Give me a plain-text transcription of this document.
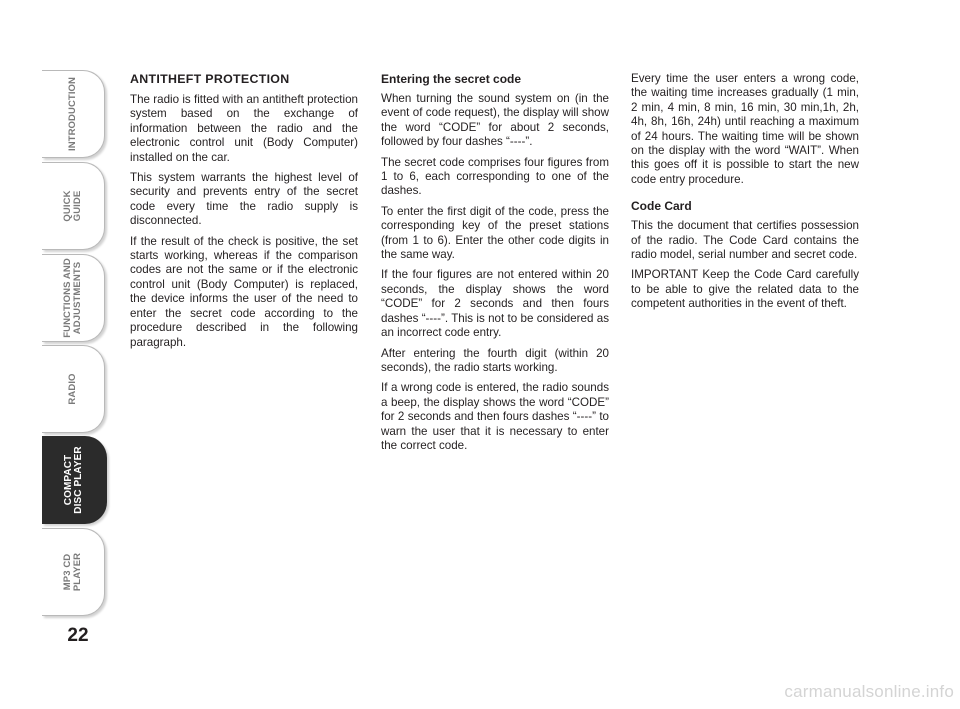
INTRODUCTION
QUICK
GUIDE
FUNCTIONS AND
ADJUSTMENTS
RADIO
COMPACT
DISC PLAYER
MP3 CD
PLAYER
22
ANTITHEFT PROTECTION

The radio is fitted with an antitheft protection system based on the exchange of information between the radio and the electronic control unit (Body Computer) installed on the car.

This system warrants the highest level of security and prevents entry of the secret code every time the radio supply is disconnected.

If the result of the check is positive, the set starts working, whereas if the comparison codes are not the same or if the electronic control unit (Body Computer) is replaced, the device informs the user of the need to enter the secret code according to the procedure described in the following paragraph.

Entering the secret code

When turning the sound system on (in the event of code request), the display will show the word “CODE” for about 2 seconds, followed by four dashes “----”.

The secret code comprises four figures from 1 to 6, each corresponding to one of the dashes.

To enter the first digit of the code, press the corresponding key of the preset stations (from 1 to 6). Enter the other code digits in the same way.

If the four figures are not entered within 20 seconds, the display shows the word “CODE” for 2 seconds and then fours dashes “----”. This is not to be considered as an incorrect code entry.

After entering the fourth digit (within 20 seconds), the radio starts working.

If a wrong code is entered, the radio sounds a beep, the display shows the word “CODE” for 2 seconds and then fours dashes “----” to warn the user that it is necessary to enter the correct code.

Every time the user enters a wrong code, the waiting time increases gradually (1 min, 2 min, 4 min, 8 min, 16 min, 30 min,1h, 2h, 4h, 8h, 16h, 24h) until reaching a maximum of 24 hours. The waiting time will be shown on the display with the word “WAIT”. When this goes off it is possible to start the new code entry procedure.

Code Card

This the document that certifies possession of the radio. The Code Card contains the radio model, serial number and secret code.

IMPORTANT Keep the Code Card carefully to be able to give the related data to the competent authorities in the event of theft.

carmanualsonline.info
